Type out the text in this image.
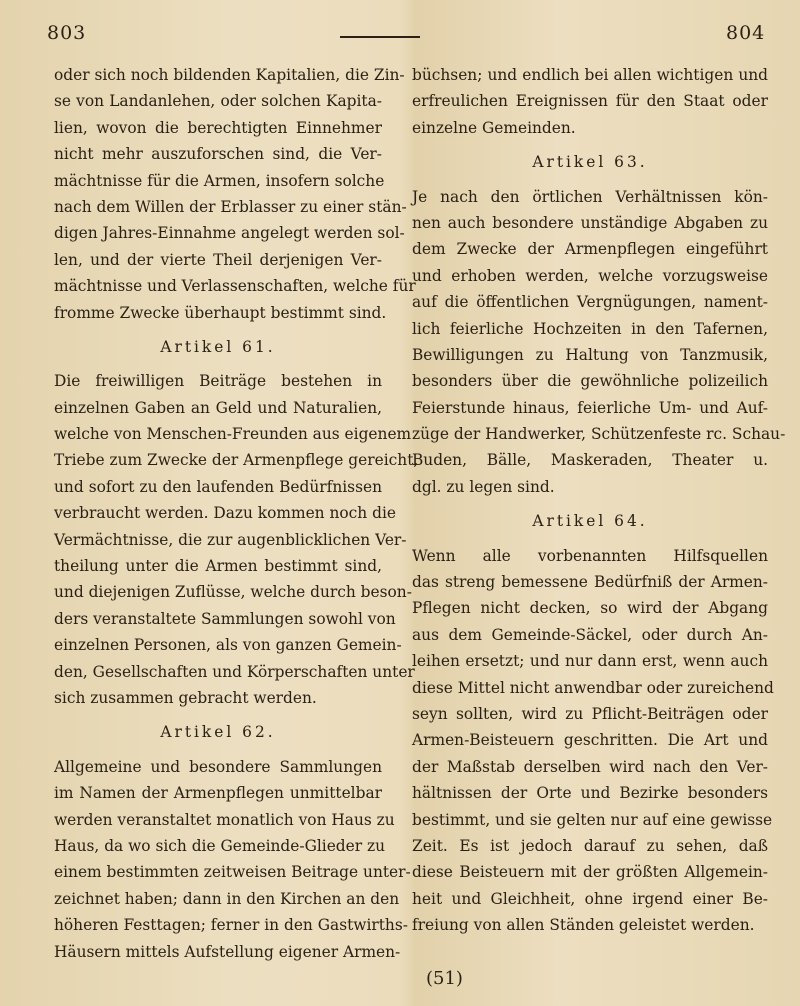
803	804
oder sich noch bildenden Kapitalien, die Zin-
se von Landanlehen, oder solchen Kapita-
lien, wovon die berechtigten Einnehmer
nicht mehr auszuforschen sind, die Ver-
mächtnisse für die Armen, insofern solche
nach dem Willen der Erblasser zu einer stän-
digen Jahres-Einnahme angelegt werden sol-
len, und der vierte Theil derjenigen Ver-
mächtnisse und Verlassenschaften, welche für
fromme Zwecke überhaupt bestimmt sind.
Artikel 61.
Die freiwilligen Beiträge bestehen in
einzelnen Gaben an Geld und Naturalien,
welche von Menschen-Freunden aus eigenem
Triebe zum Zwecke der Armenpflege gereicht,
und sofort zu den laufenden Bedürfnissen
verbraucht werden. Dazu kommen noch die
Vermächtnisse, die zur augenblicklichen Ver-
theilung unter die Armen bestimmt sind,
und diejenigen Zuflüsse, welche durch beson-
ders veranstaltete Sammlungen sowohl von
einzelnen Personen, als von ganzen Gemein-
den, Gesellschaften und Körperschaften unter
sich zusammen gebracht werden.
Artikel 62.
Allgemeine und besondere Sammlungen
im Namen der Armenpflegen unmittelbar
werden veranstaltet monatlich von Haus zu
Haus, da wo sich die Gemeinde-Glieder zu
einem bestimmten zeitweisen Beitrage unter-
zeichnet haben; dann in den Kirchen an den
höheren Festtagen; ferner in den Gastwirths-
Häusern mittels Aufstellung eigener Armen-
büchsen; und endlich bei allen wichtigen und
erfreulichen Ereignissen für den Staat oder
einzelne Gemeinden.
Artikel 63.
Je nach den örtlichen Verhältnissen kön-
nen auch besondere unständige Abgaben zu
dem Zwecke der Armenpflegen eingeführt
und erhoben werden, welche vorzugsweise
auf die öffentlichen Vergnügungen, nament-
lich feierliche Hochzeiten in den Tafernen,
Bewilligungen zu Haltung von Tanzmusik,
besonders über die gewöhnliche polizeilich
Feierstunde hinaus, feierliche Um- und Auf-
züge der Handwerker, Schützenfeste rc. Schau-
Buden, Bälle, Maskeraden, Theater u.
dgl. zu legen sind.
Artikel 64.
Wenn alle vorbenannten Hilfsquellen
das streng bemessene Bedürfniß der Armen-
Pflegen nicht decken, so wird der Abgang
aus dem Gemeinde-Säckel, oder durch An-
leihen ersetzt; und nur dann erst, wenn auch
diese Mittel nicht anwendbar oder zureichend
seyn sollten, wird zu Pflicht-Beiträgen oder
Armen-Beisteuern geschritten. Die Art und
der Maßstab derselben wird nach den Ver-
hältnissen der Orte und Bezirke besonders
bestimmt, und sie gelten nur auf eine gewisse
Zeit. Es ist jedoch darauf zu sehen, daß
diese Beisteuern mit der größten Allgemein-
heit und Gleichheit, ohne irgend einer Be-
freiung von allen Ständen geleistet werden.
(51)
